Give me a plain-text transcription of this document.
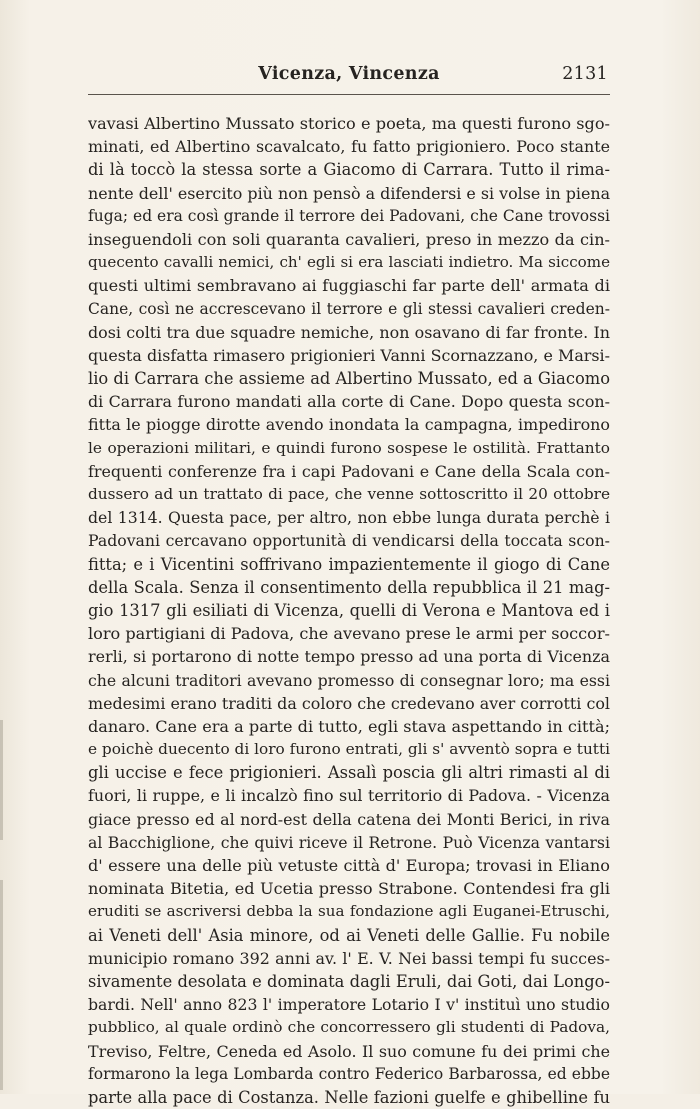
Vicenza, Vincenza	2131
vavasi Albertino Mussato storico e poeta, ma questi furono sgo-
minati, ed Albertino scavalcato, fu fatto prigioniero. Poco stante
di là toccò la stessa sorte a Giacomo di Carrara. Tutto il rima-
nente dell' esercito più non pensò a difendersi e si volse in piena
fuga; ed era così grande il terrore dei Padovani, che Cane trovossi
inseguendoli con soli quaranta cavalieri, preso in mezzo da cin-
quecento cavalli nemici, ch' egli si era lasciati indietro. Ma siccome
questi ultimi sembravano ai fuggiaschi far parte dell' armata di
Cane, così ne accrescevano il terrore e gli stessi cavalieri creden-
dosi colti tra due squadre nemiche, non osavano di far fronte. In
questa disfatta rimasero prigionieri Vanni Scornazzano, e Marsi-
lio di Carrara che assieme ad Albertino Mussato, ed a Giacomo
di Carrara furono mandati alla corte di Cane. Dopo questa scon-
fitta le piogge dirotte avendo inondata la campagna, impedirono
le operazioni militari, e quindi furono sospese le ostilità. Frattanto
frequenti conferenze fra i capi Padovani e Cane della Scala con-
dussero ad un trattato di pace, che venne sottoscritto il 20 ottobre
del 1314. Questa pace, per altro, non ebbe lunga durata perchè i
Padovani cercavano opportunità di vendicarsi della toccata scon-
fitta; e i Vicentini soffrivano impazientemente il giogo di Cane
della Scala. Senza il consentimento della repubblica il 21 mag-
gio 1317 gli esiliati di Vicenza, quelli di Verona e Mantova ed i
loro partigiani di Padova, che avevano prese le armi per soccor-
rerli, si portarono di notte tempo presso ad una porta di Vicenza
che alcuni traditori avevano promesso di consegnar loro; ma essi
medesimi erano traditi da coloro che credevano aver corrotti col
danaro. Cane era a parte di tutto, egli stava aspettando in città;
e poichè duecento di loro furono entrati, gli s' avventò sopra e tutti
gli uccise e fece prigionieri. Assalì poscia gli altri rimasti al di
fuori, li ruppe, e li incalzò fino sul territorio di Padova. - Vicenza
giace presso ed al nord-est della catena dei Monti Berici, in riva
al Bacchiglione, che quivi riceve il Retrone. Può Vicenza vantarsi
d' essere una delle più vetuste città d' Europa; trovasi in Eliano
nominata Bitetia, ed Ucetia presso Strabone. Contendesi fra gli
eruditi se ascriversi debba la sua fondazione agli Euganei-Etruschi,
ai Veneti dell' Asia minore, od ai Veneti delle Gallie. Fu nobile
municipio romano 392 anni av. l' E. V. Nei bassi tempi fu succes-
sivamente desolata e dominata dagli Eruli, dai Goti, dai Longo-
bardi. Nell' anno 823 l' imperatore Lotario I v' instituì uno studio
pubblico, al quale ordinò che concorressero gli studenti di Padova,
Treviso, Feltre, Ceneda ed Asolo. Il suo comune fu dei primi che
formarono la lega Lombarda contro Federico Barbarossa, ed ebbe
parte alla pace di Costanza. Nelle fazioni guelfe e ghibelline fu
